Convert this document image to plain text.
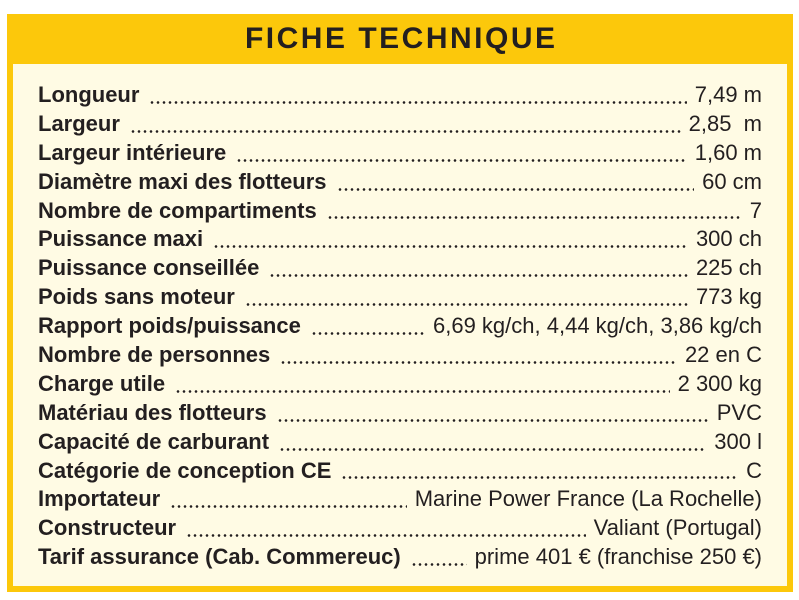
FICHE TECHNIQUE
Longueur	7,49 m
Largeur	2,85  m
Largeur intérieure	1,60 m
Diamètre maxi des flotteurs	60 cm
Nombre de compartiments	7
Puissance maxi	300 ch
Puissance conseillée	225 ch
Poids sans moteur	773 kg
Rapport poids/puissance	6,69 kg/ch, 4,44 kg/ch, 3,86 kg/ch
Nombre de personnes	22 en C
Charge utile	2 300 kg
Matériau des flotteurs	PVC
Capacité de carburant	300 l
Catégorie de conception CE	C
Importateur	Marine Power France (La Rochelle)
Constructeur	Valiant (Portugal)
Tarif assurance (Cab. Commereuc)	prime 401 € (franchise 250 €)
